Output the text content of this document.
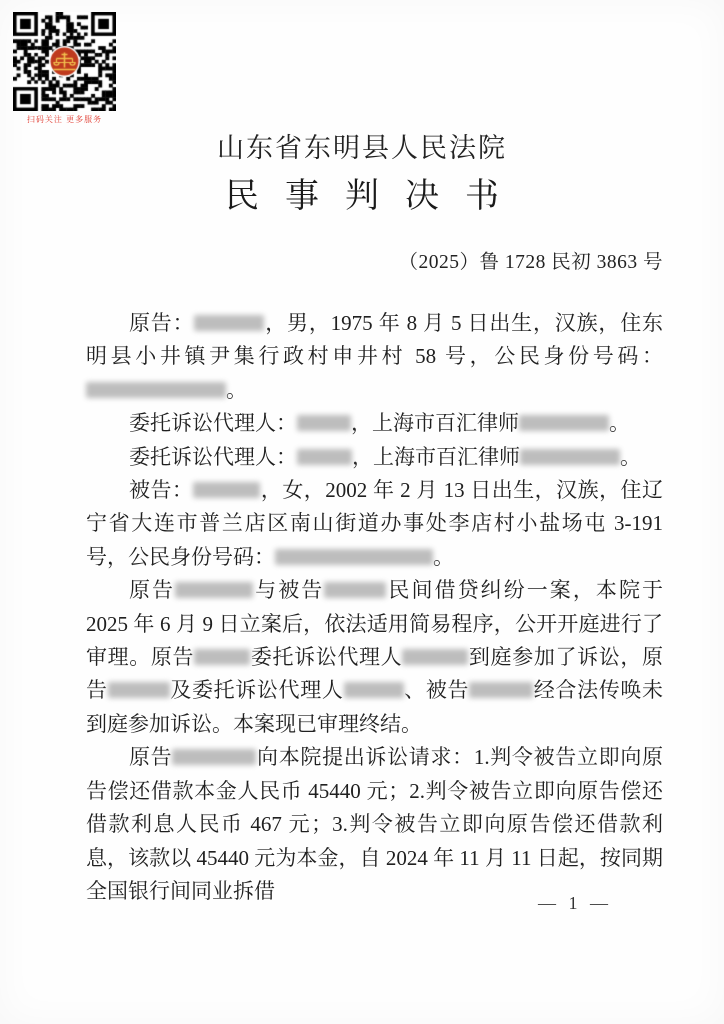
扫码关注 更多服务
山东省东明县人民法院
民事判决书
（2025）鲁 1728 民初 3863 号

原告：	，男，1975 年 8 月 5 日出生，汉族，住东明县小井镇尹集行政村申井村 58 号，公民身份号码：。

委托诉讼代理人：	，上海市百汇律师	。

委托诉讼代理人：	，上海市百汇律师	。

被告：	，女，2002 年 2 月 13 日出生，汉族，住辽宁省大连市普兰店区南山街道办事处李店村小盐场屯 3-191 号，公民身份号码：	。

原告	与被告	民间借贷纠纷一案，本院于 2025 年 6 月 9 日立案后，依法适用简易程序，公开开庭进行了审理。原告	委托诉讼代理人	到庭参加了诉讼，原告	及委托诉讼代理人	、被告	经合法传唤未到庭参加诉讼。本案现已审理终结。

原告	向本院提出诉讼请求：1.判令被告立即向原告偿还借款本金人民币 45440 元；2.判令被告立即向原告偿还借款利息人民币 467 元；3.判令被告立即向原告偿还借款利息，该款以 45440 元为本金，自 2024 年 11 月 11 日起，按同期全国银行间同业拆借

— 1 —
